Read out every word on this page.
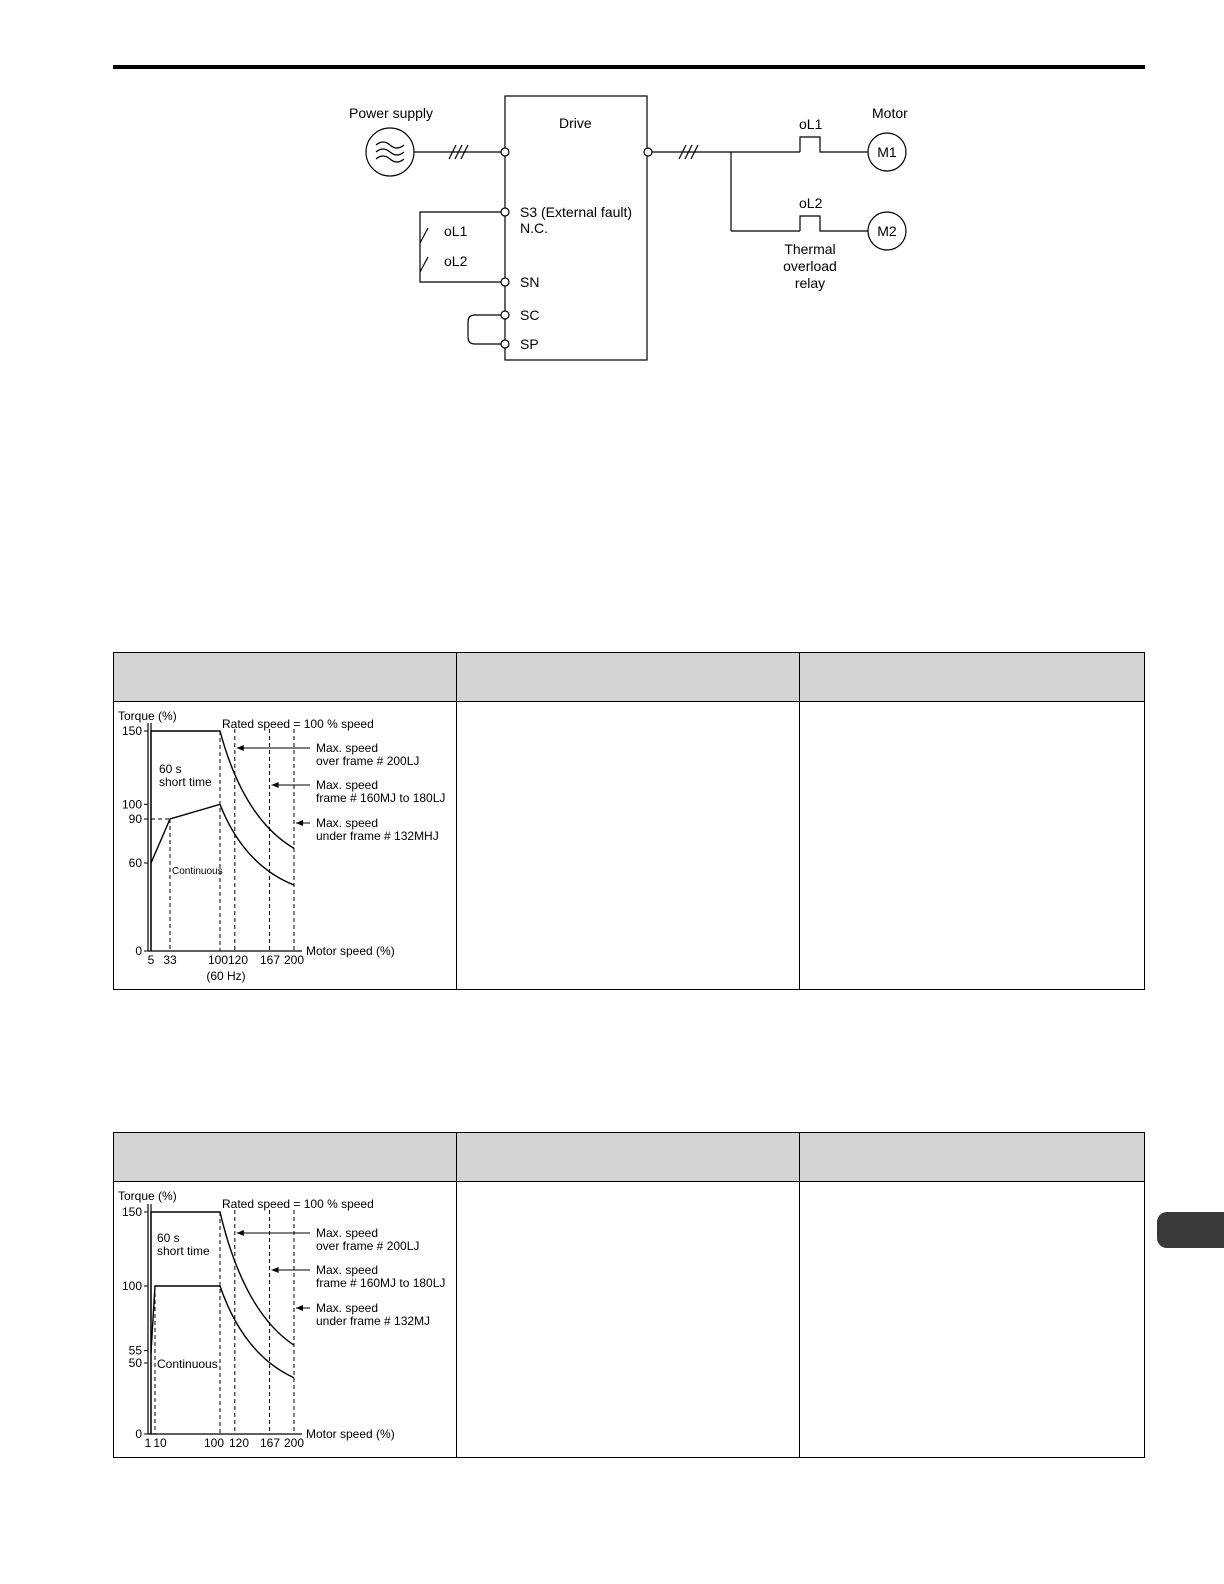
Power supply
Drive
Motor
S3 (External fault)
N.C.
SN
SC
SP
oL1
oL2
oL1
oL2
M1
M2
Thermal
overload
relay
150
100
90
60
0
5 33	100 120 167 200
(60 Hz)
Torque (%)
Motor speed (%)
Rated speed = 100 % speed
60 s
short time
Continuous
Max. speed
over frame # 200LJ
Max. speed
frame # 160MJ to 180LJ
Max. speed
under frame # 132MHJ
150
100
55
50
0
1 10	100 120 167 200
Torque (%)
Motor speed (%)
Rated speed = 100 % speed
60 s
short time
Continuous
Max. speed
over frame # 200LJ
Max. speed
frame # 160MJ to 180LJ
Max. speed
under frame # 132MJ
